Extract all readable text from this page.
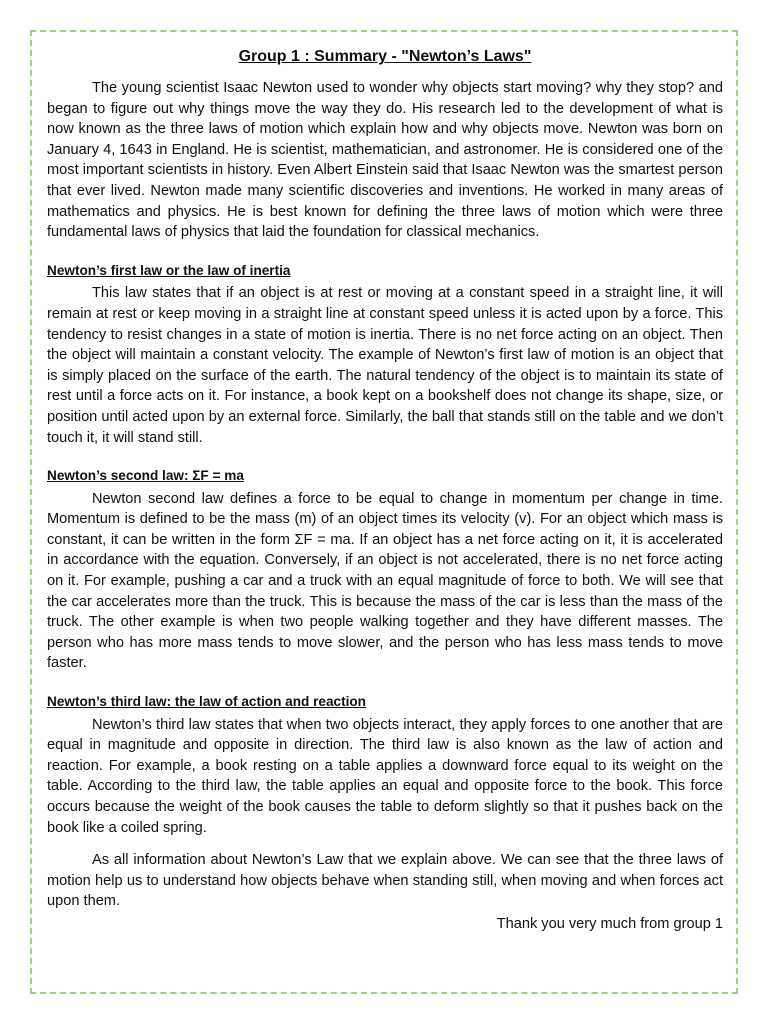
Group 1 : Summary - "Newton’s Laws"

The young scientist Isaac Newton used to wonder why objects start moving? why they stop? and began to figure out why things move the way they do. His research led to the development of what is now known as the three laws of motion which explain how and why objects move. Newton was born on January 4, 1643 in England. He is scientist, mathematician, and astronomer. He is considered one of the most important scientists in history. Even Albert Einstein said that Isaac Newton was the smartest person that ever lived. Newton made many scientific discoveries and inventions. He worked in many areas of mathematics and physics. He is best known for defining the three laws of motion which were three fundamental laws of physics that laid the foundation for classical mechanics.

Newton’s first law or the law of inertia

This law states that if an object is at rest or moving at a constant speed in a straight line, it will remain at rest or keep moving in a straight line at constant speed unless it is acted upon by a force. This tendency to resist changes in a state of motion is inertia. There is no net force acting on an object. Then the object will maintain a constant velocity. The example of Newton’s first law of motion is an object that is simply placed on the surface of the earth. The natural tendency of the object is to maintain its state of rest until a force acts on it. For instance, a book kept on a bookshelf does not change its shape, size, or position until acted upon by an external force. Similarly, the ball that stands still on the table and we don’t touch it, it will stand still.

Newton’s second law: ΣF = ma

Newton second law defines a force to be equal to change in momentum per change in time. Momentum is defined to be the mass (m) of an object times its velocity (v). For an object which mass is constant, it can be written in the form ΣF = ma. If an object has a net force acting on it, it is accelerated in accordance with the equation. Conversely, if an object is not accelerated, there is no net force acting on it. For example, pushing a car and a truck with an equal magnitude of force to both. We will see that the car accelerates more than the truck. This is because the mass of the car is less than the mass of the truck. The other example is when two people walking together and they have different masses. The person who has more mass tends to move slower, and the person who has less mass tends to move faster.

Newton’s third law: the law of action and reaction

Newton’s third law states that when two objects interact, they apply forces to one another that are equal in magnitude and opposite in direction. The third law is also known as the law of action and reaction. For example, a book resting on a table applies a downward force equal to its weight on the table. According to the third law, the table applies an equal and opposite force to the book. This force occurs because the weight of the book causes the table to deform slightly so that it pushes back on the book like a coiled spring.

As all information about Newton’s Law that we explain above. We can see that the three laws of motion help us to understand how objects behave when standing still, when moving and when forces act upon them.

Thank you very much from group 1
